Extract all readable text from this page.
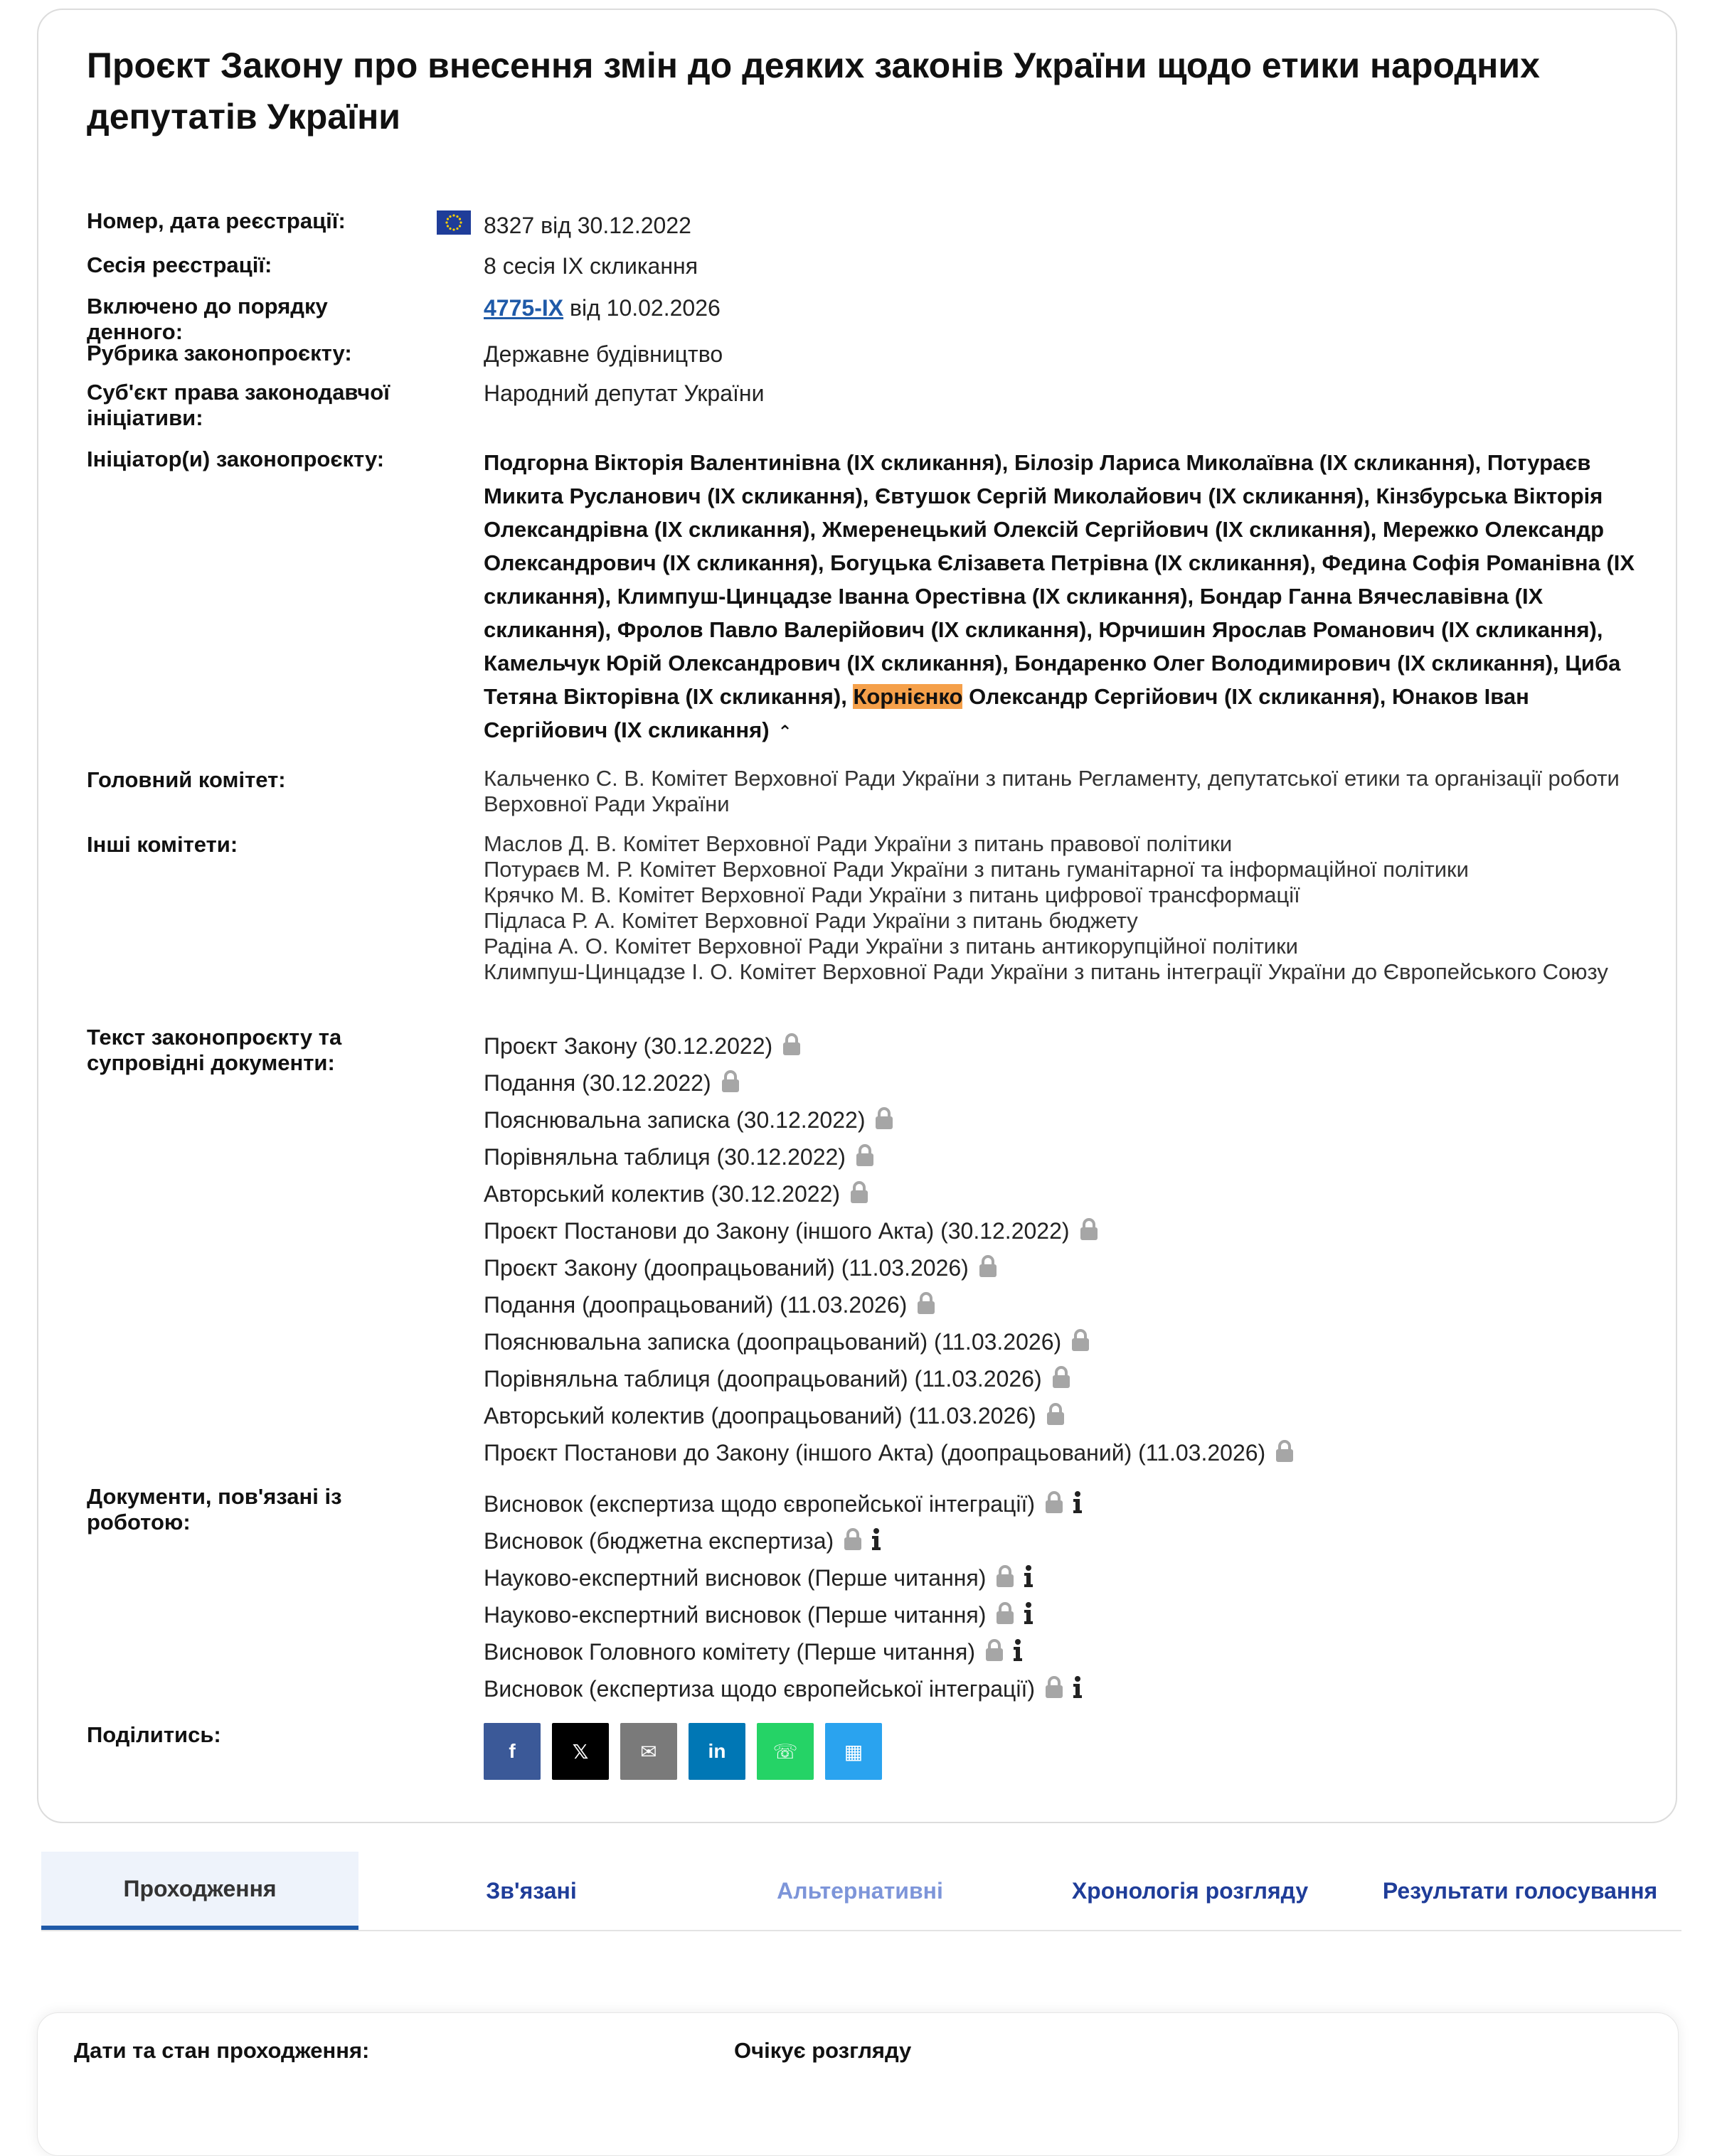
Проєкт Закону про внесення змін до деяких законів України щодо етики народних депутатів України
Номер, дата реєстрації:	8327 від 30.12.2022
Сесія реєстрації:	8 сесія IX скликання
Включено до порядку денного:
4775-IX від 10.02.2026
Рубрика законопроєкту:	Державне будівництво
Суб'єкт права законодавчої ініціативи:
Народний депутат України
Ініціатор(и) законопроєкту:	Подгорна Вікторія Валентинівна (IX скликання), Білозір Лариса Миколаївна (IX скликання), Потураєв Микита Русланович (IX скликання), Євтушок Сергій Миколайович (IX скликання), Кінзбурська Вікторія Олександрівна (IX скликання), Жмеренецький Олексій Сергійович (IX скликання), Мережко Олександр Олександрович (IX скликання), Богуцька Єлізавета Петрівна (IX скликання), Федина Софія Романівна (IX скликання), Климпуш-Цинцадзе Іванна Орестівна (IX скликання), Бондар Ганна Вячеславівна (IX скликання), Фролов Павло Валерійович (IX скликання), Юрчишин Ярослав Романович (IX скликання), Камельчук Юрій Олександрович (IX скликання), Бондаренко Олег Володимирович (IX скликання), Циба Тетяна Вікторівна (IX скликання), Корнієнко Олександр Сергійович (IX скликання), Юнаков Іван Сергійович (IX скликання) ⌃
Головний комітет:	Кальченко С. В. Комітет Верховної Ради України з питань Регламенту, депутатської етики та організації роботи Верховної Ради України
Інші комітети:	Маслов Д. В. Комітет Верховної Ради України з питань правової політики
Потураєв М. Р. Комітет Верховної Ради України з питань гуманітарної та інформаційної політики
Крячко М. В. Комітет Верховної Ради України з питань цифрової трансформації
Підласа Р. А. Комітет Верховної Ради України з питань бюджету
Радіна А. О. Комітет Верховної Ради України з питань антикорупційної політики
Климпуш-Цинцадзе І. О. Комітет Верховної Ради України з питань інтеграції України до Європейського Союзу
Текст законопроєкту та супровідні документи:
Проєкт Закону (30.12.2022)
Подання (30.12.2022)
Пояснювальна записка (30.12.2022)
Порівняльна таблиця (30.12.2022)
Авторський колектив (30.12.2022)
Проєкт Постанови до Закону (іншого Акта) (30.12.2022)
Проєкт Закону (доопрацьований) (11.03.2026)
Подання (доопрацьований) (11.03.2026)
Пояснювальна записка (доопрацьований) (11.03.2026)
Порівняльна таблиця (доопрацьований) (11.03.2026)
Авторський колектив (доопрацьований) (11.03.2026)
Проєкт Постанови до Закону (іншого Акта) (доопрацьований) (11.03.2026)
Документи, пов'язані із роботою:
Висновок (експертиза щодо європейської інтеграції)
Висновок (бюджетна експертиза)
Науково-експертний висновок (Перше читання)
Науково-експертний висновок (Перше читання)
Висновок Головного комітету (Перше читання)
Висновок (експертиза щодо європейської інтеграції)
Поділитись:
f	𝕏	✉	in ☏ ▦
Проходження	Зв'язані	Альтернативні	Хронологія розгляду	Результати голосування
Дати та стан проходження:	Очікує розгляду
